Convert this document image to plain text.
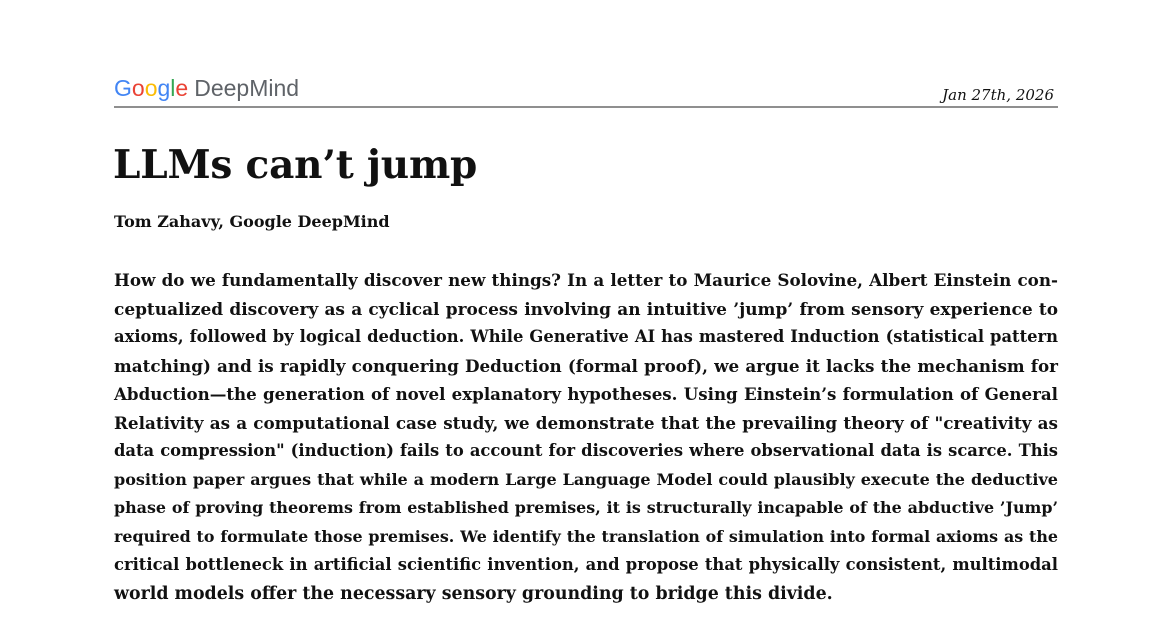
G o o g l e DeepMind	Jan 27th, 2026
LLMs can’t jump

Tom Zahavy, Google DeepMind

How do we fundamentally discover new things? In a letter to Maurice Solovine, Albert Einstein con-
ceptualized discovery as a cyclical process involving an intuitive ’jump’ from sensory experience to
axioms, followed by logical deduction. While Generative AI has mastered Induction (statistical pattern
matching) and is rapidly conquering Deduction (formal proof), we argue it lacks the mechanism for
Abduction—the generation of novel explanatory hypotheses. Using Einstein’s formulation of General
Relativity as a computational case study, we demonstrate that the prevailing theory of "creativity as
data compression" (induction) fails to account for discoveries where observational data is scarce. This
position paper argues that while a modern Large Language Model could plausibly execute the deductive
phase of proving theorems from established premises, it is structurally incapable of the abductive ’Jump’
required to formulate those premises. We identify the translation of simulation into formal axioms as the
critical bottleneck in artificial scientific invention, and propose that physically consistent, multimodal
world models offer the necessary sensory grounding to bridge this divide.
